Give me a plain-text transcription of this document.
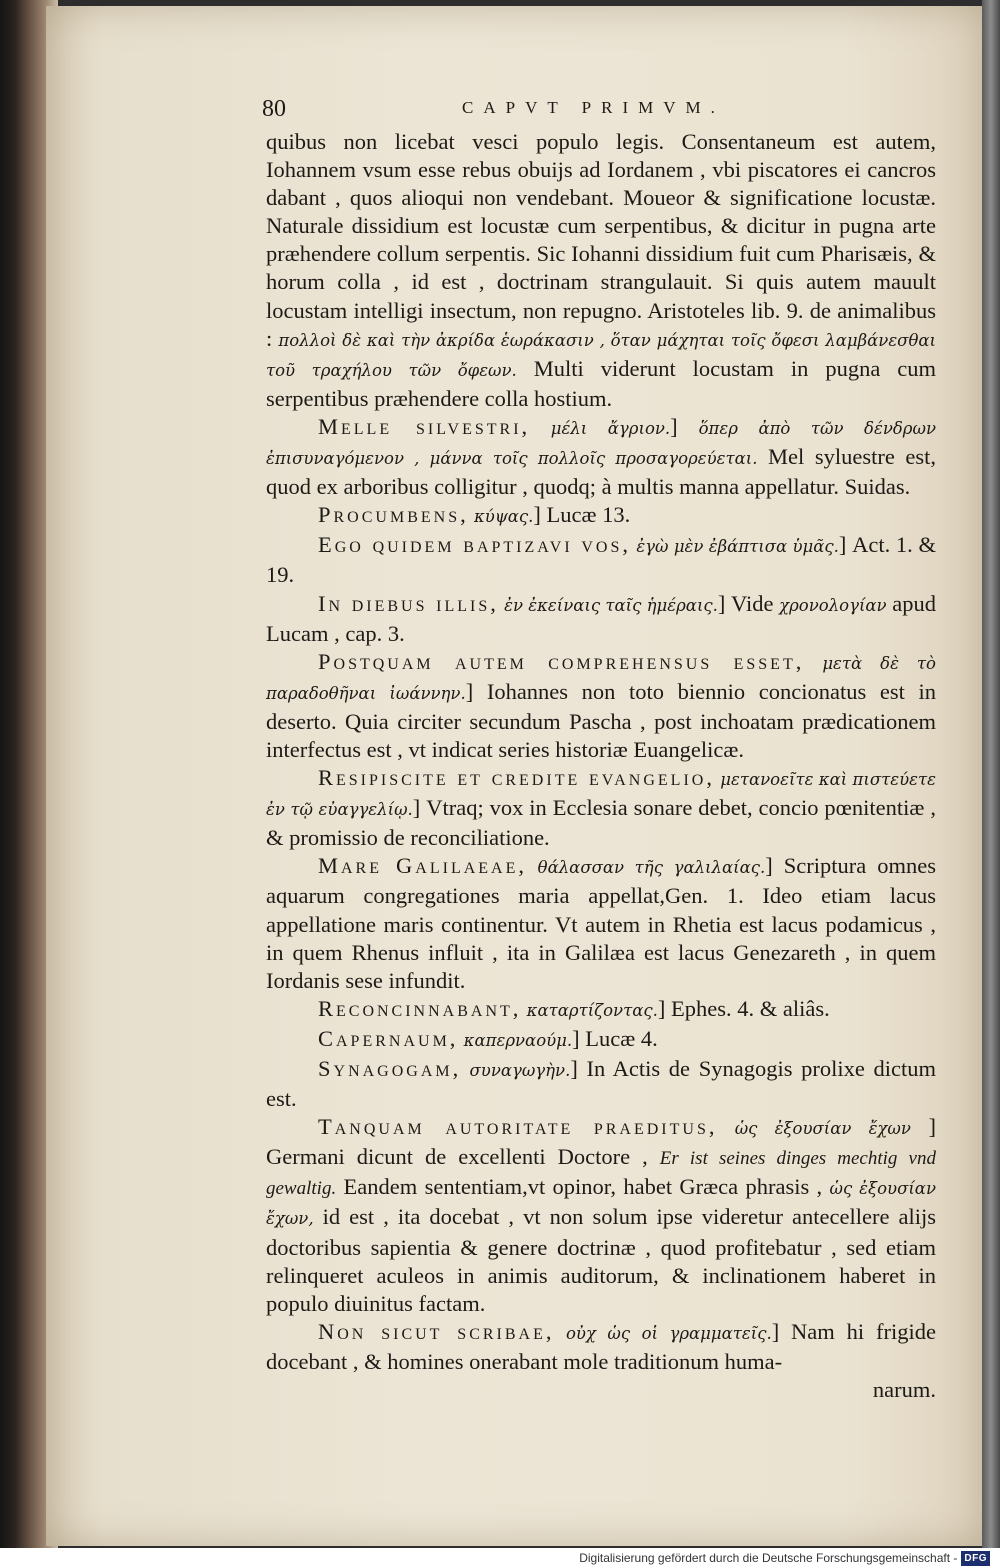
80	CAPVT PRIMVM.

quibus non licebat vesci populo legis. Consentaneum est autem, Iohannem vsum esse rebus obuijs ad Iordanem , vbi piscatores ei cancros dabant , quos alioqui non vendebant. Moueor & significatione locustæ. Naturale dissidium est locustæ cum serpentibus, & dicitur in pugna arte præhendere collum serpentis. Sic Iohanni dissidium fuit cum Pharisæis, & horum colla , id est , doctrinam strangulauit. Si quis autem mauult locustam intelligi insectum, non repugno. Aristoteles lib. 9. de animalibus : πολλοὶ δὲ καὶ τὴν ἀκρίδα ἑωράκασιν , ὅταν μάχηται τοῖς ὄφεσι λαμβάνεσθαι τοῦ τραχήλου τῶν ὄφεων. Multi viderunt locustam in pugna cum serpentibus præhendere colla hostium.

Melle silvestri, μέλι ἄγριον.] ὅπερ ἀπὸ τῶν δένδρων ἐπισυναγόμενον , μάννα τοῖς πολλοῖς προσαγορεύεται. Mel syluestre est, quod ex arboribus colligitur , quodq; à multis manna appellatur. Suidas.

Procumbens, κύψας.] Lucæ 13.

Ego quidem baptizavi vos, ἐγὼ μὲν ἐβάπτισα ὑμᾶς.] Act. 1. & 19.

In diebus illis, ἐν ἐκείναις ταῖς ἡμέραις.] Vide χρονολογίαν apud Lucam , cap. 3.

Postquam autem comprehensus esset, μετὰ δὲ τὸ παραδοθῆναι ἰωάννην.] Iohannes non toto biennio concionatus est in deserto. Quia circiter secundum Pascha , post inchoatam prædicationem interfectus est , vt indicat series historiæ Euangelicæ.

Resipiscite et credite evangelio, μετανοεῖτε καὶ πιστεύετε ἐν τῷ εὐαγγελίῳ.] Vtraq; vox in Ecclesia sonare debet, concio pœnitentiæ , & promissio de reconciliatione.

Mare Galilaeae, θάλασσαν τῆς γαλιλαίας.] Scriptura omnes aquarum congregationes maria appellat,Gen. 1. Ideo etiam lacus appellatione maris continentur. Vt autem in Rhetia est lacus podamicus , in quem Rhenus influit , ita in Galilæa est lacus Genezareth , in quem Iordanis sese infundit.

Reconcinnabant, καταρτίζοντας.] Ephes. 4. & aliâs.

Capernaum, καπερναούμ.] Lucæ 4.

Synagogam, συναγωγὴν.] In Actis de Synagogis prolixe dictum est.

Tanquam autoritate praeditus, ὡς ἐξουσίαν ἔχων ] Germani dicunt de excellenti Doctore , Er ist seines dinges mechtig vnd gewaltig. Eandem sententiam,vt opinor, habet Græca phrasis , ὡς ἐξουσίαν ἔχων, id est , ita docebat , vt non solum ipse videretur antecellere alijs doctoribus sapientia & genere doctrinæ , quod profitebatur , sed etiam relinqueret aculeos in animis auditorum, & inclinationem haberet in populo diuinitus factam.

Non sicut scribae, οὐχ ὡς οἱ γραμματεῖς.] Nam hi frigide docebant , & homines onerabant mole traditionum huma-

narum.

Digitalisierung gefördert durch die Deutsche Forschungsgemeinschaft - DFG
